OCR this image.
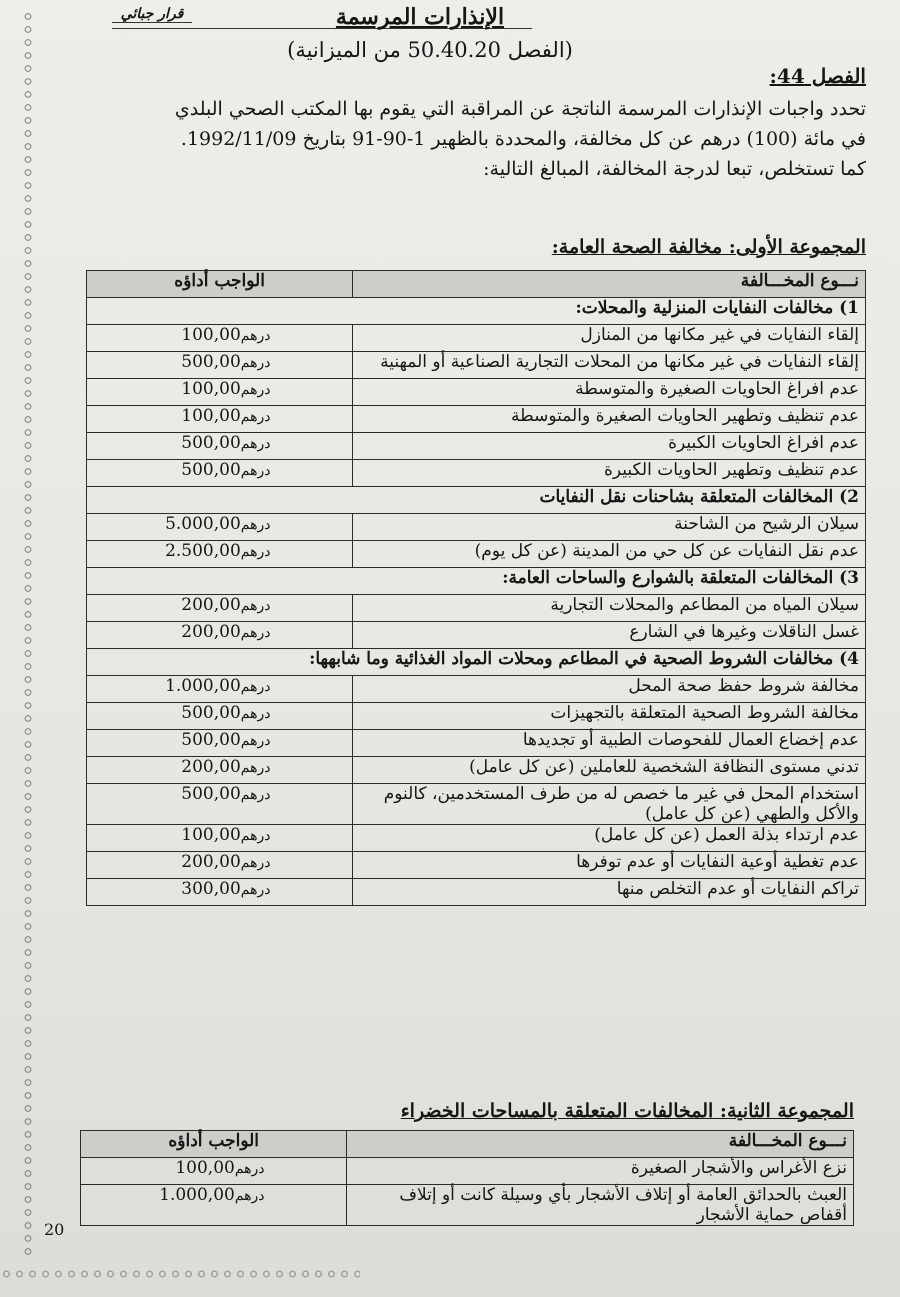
قرار جبائي	الإنذارات المرسمة
(الفصل 50.40.20 من الميزانية)
الفصل 44:

تحدد واجبات الإنذارات المرسمة الناتجة عن المراقبة التي يقوم بها المكتب الصحي البلدي

في مائة (100) درهم عن كل مخالفة، والمحددة بالظهير 1-90-91 بتاريخ 1992/11/09.

كما تستخلص، تبعا لدرجة المخالفة، المبالغ التالية:

المجموعة الأولى: مخالفة الصحة العامة:
نـــوع المخـــالفة	الواجب أداؤه
1) مخالفات النفايات المنزلية والمحلات:	
إلقاء النفايات في غير مكانها من المنازل	درهم100,00
إلقاء النفايات في غير مكانها من المحلات التجارية الصناعية أو المهنية	درهم500,00
عدم افراغ الحاويات الصغيرة والمتوسطة	درهم100,00
عدم تنظيف وتطهير الحاويات الصغيرة والمتوسطة	درهم100,00
عدم افراغ الحاويات الكبيرة	درهم500,00
عدم تنظيف وتطهير الحاويات الكبيرة	درهم500,00
2) المخالفات المتعلقة بشاحنات نقل النفايات	
سيلان الرشيح من الشاحنة	درهم5.000,00
عدم نقل النفايات عن كل حي من المدينة (عن كل يوم)	درهم2.500,00
3) المخالفات المتعلقة بالشوارع والساحات العامة:	
سيلان المياه من المطاعم والمحلات التجارية	درهم200,00
غسل الناقلات وغيرها في الشارع	درهم200,00
4) مخالفات الشروط الصحية في المطاعم ومحلات المواد الغذائية وما شابهها:	
مخالفة شروط حفظ صحة المحل	درهم1.000,00
مخالفة الشروط الصحية المتعلقة بالتجهيزات	درهم500,00
عدم إخضاع العمال للفحوصات الطبية أو تجديدها	درهم500,00
تدني مستوى النظافة الشخصية للعاملين (عن كل عامل)	درهم200,00
استخدام المحل في غير ما خصص له من طرف المستخدمين، كالنوم والأكل والطهي (عن كل عامل)	درهم500,00
عدم ارتداء بذلة العمل (عن كل عامل)	درهم100,00
عدم تغطية أوعية النفايات أو عدم توفرها	درهم200,00
تراكم النفايات أو عدم التخلص منها	درهم300,00
المجموعة الثانية: المخالفات المتعلقة بالمساحات الخضراء
نـــوع المخـــالفة	الواجب أداؤه
نزع الأغراس والأشجار الصغيرة	درهم100,00
العبث بالحدائق العامة أو إتلاف الأشجار بأي وسيلة كانت أو إتلاف أقفاص حماية الأشجار	درهم1.000,00
20
